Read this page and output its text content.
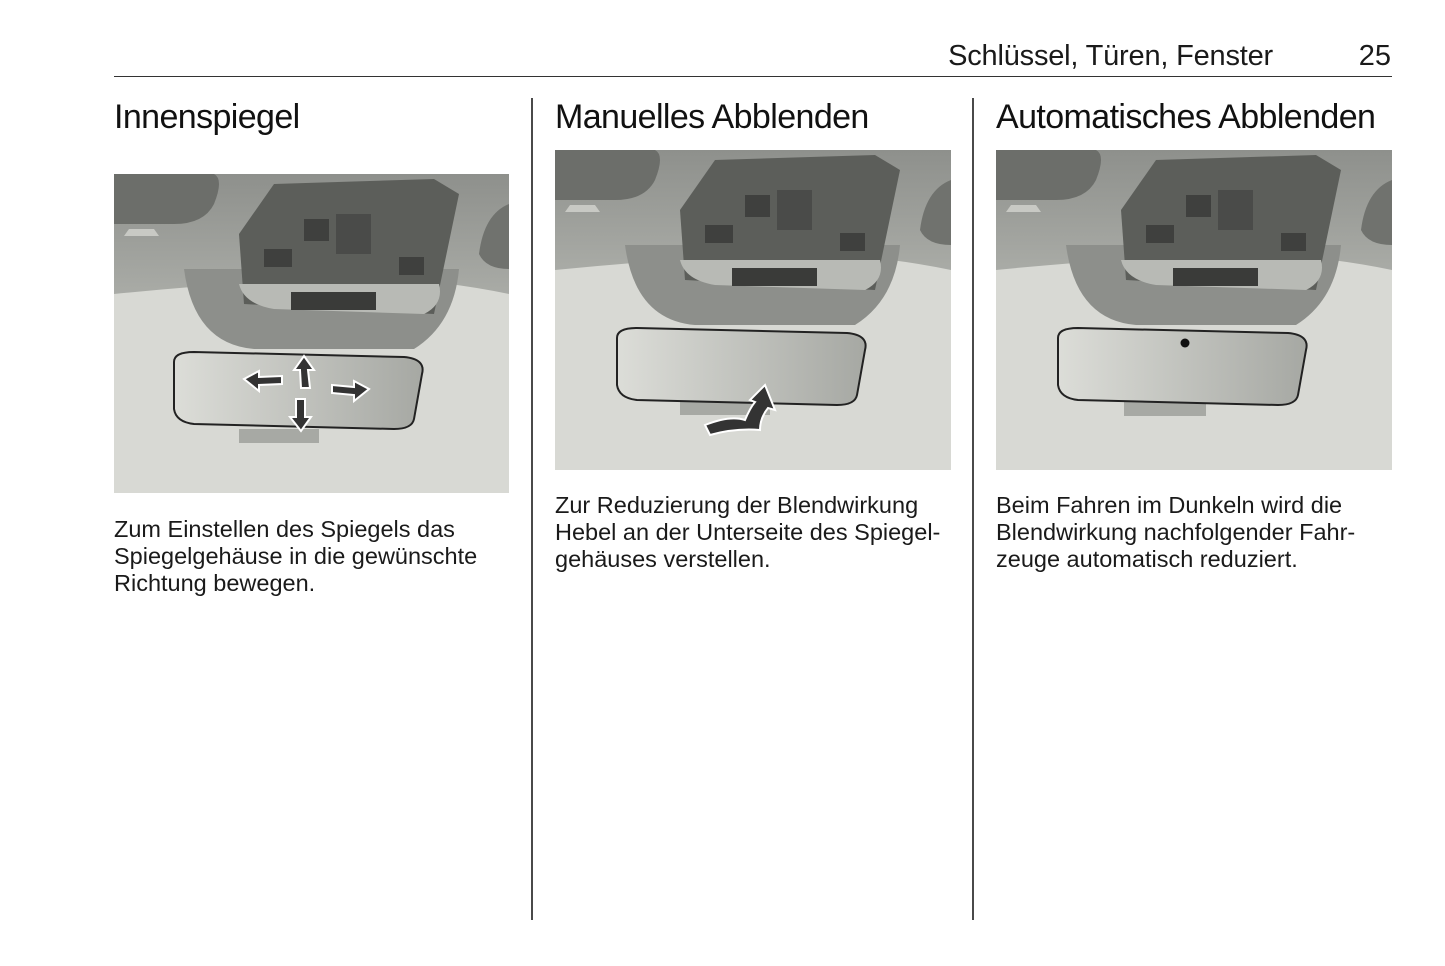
Schlüssel, Türen, Fenster	25
Innenspiegel

Zum Einstellen des Spiegels das
Spiegelgehäuse in die gewünschte
Richtung bewegen.

Manuelles Abblenden

Zur Reduzierung der Blendwirkung
Hebel an der Unterseite des Spiegel-
gehäuses verstellen.

Automatisches Abblenden

Beim Fahren im Dunkeln wird die
Blendwirkung nachfolgender Fahr-
zeuge automatisch reduziert.
